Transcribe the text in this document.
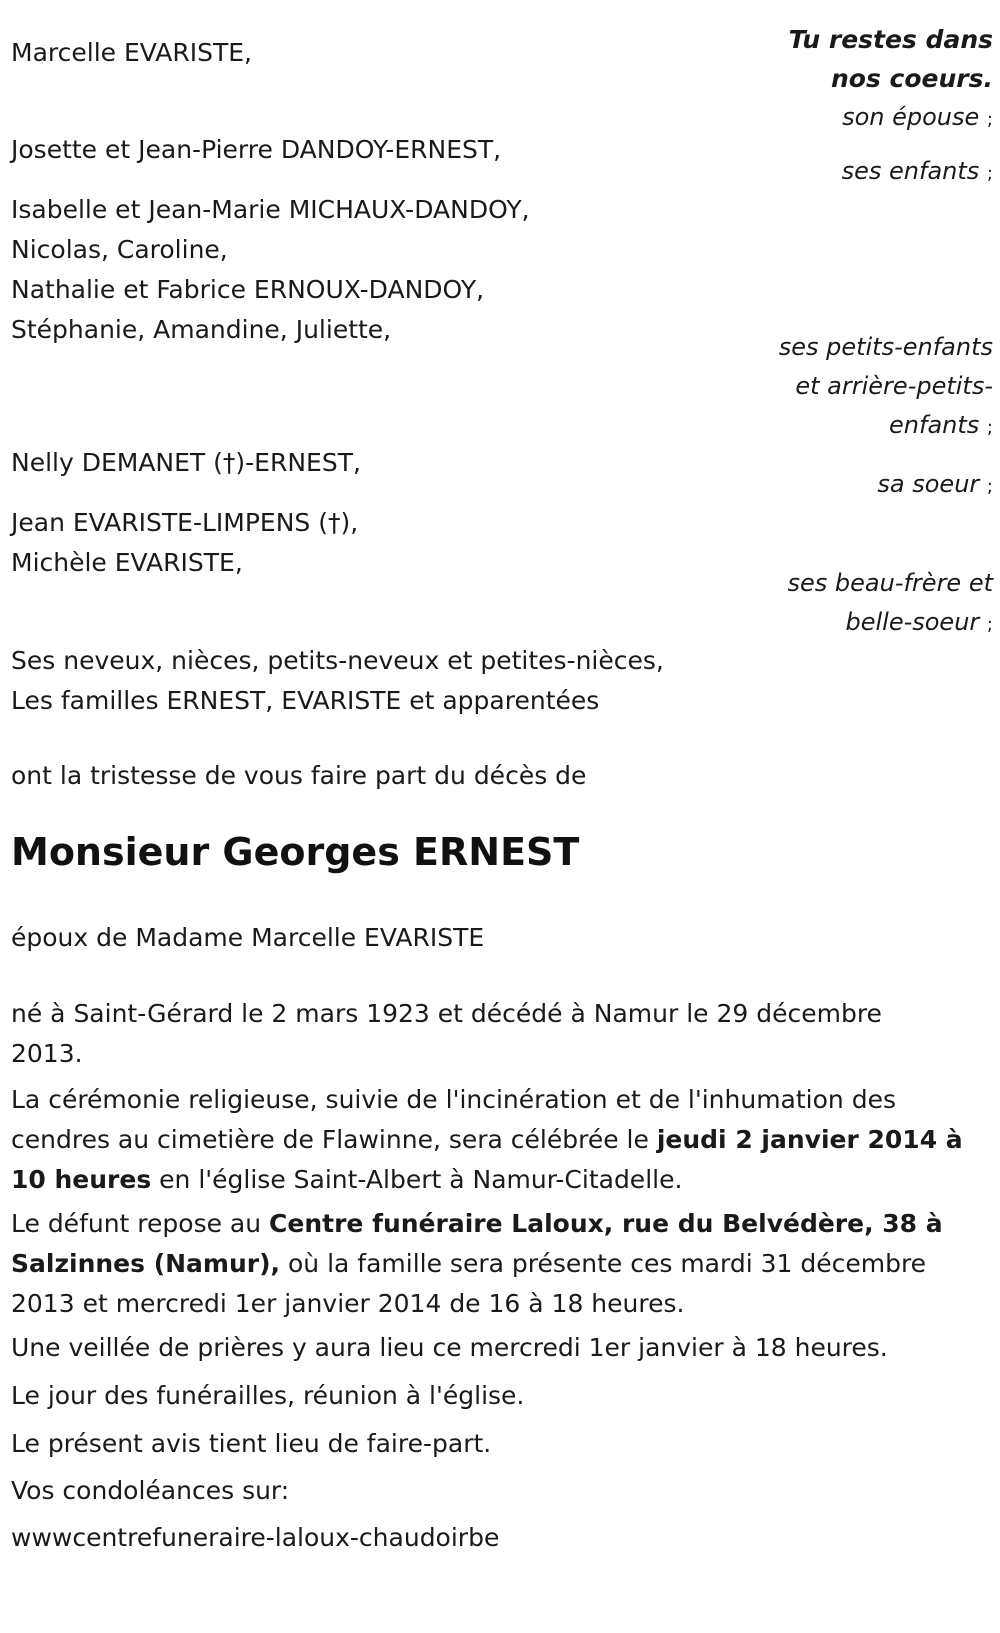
Marcelle EVARISTE,	Tu restes dans nos coeurs.
son épouse ;
Josette et Jean-Pierre DANDOY-ERNEST,
ses enfants ;
Isabelle et Jean-Marie MICHAUX-DANDOY,
Nicolas, Caroline,
Nathalie et Fabrice ERNOUX-DANDOY,
Stéphanie, Amandine, Juliette,
ses petits-enfants
et arrière-petits-
enfants ;
Nelly DEMANET (†)-ERNEST,
sa soeur ;
Jean EVARISTE-LIMPENS (†),
Michèle EVARISTE,
ses beau-frère et
belle-soeur ;
Ses neveux, nièces, petits-neveux et petites-nièces,
Les familles ERNEST, EVARISTE et apparentées

ont la tristesse de vous faire part du décès de

Monsieur Georges ERNEST

époux de Madame Marcelle EVARISTE

né à Saint-Gérard le 2 mars 1923 et décédé à Namur le 29 décembre 2013.

La cérémonie religieuse, suivie de l'incinération et de l'inhumation des cendres au cimetière de Flawinne, sera célébrée le jeudi 2 janvier 2014 à 10 heures en l'église Saint-Albert à Namur-Citadelle.

Le défunt repose au Centre funéraire Laloux, rue du Belvédère, 38 à Salzinnes (Namur), où la famille sera présente ces mardi 31 décembre 2013 et mercredi 1er janvier 2014 de 16 à 18 heures.

Une veillée de prières y aura lieu ce mercredi 1er janvier à 18 heures.

Le jour des funérailles, réunion à l'église.

Le présent avis tient lieu de faire-part.

Vos condoléances sur:

wwwcentrefuneraire-laloux-chaudoirbe
